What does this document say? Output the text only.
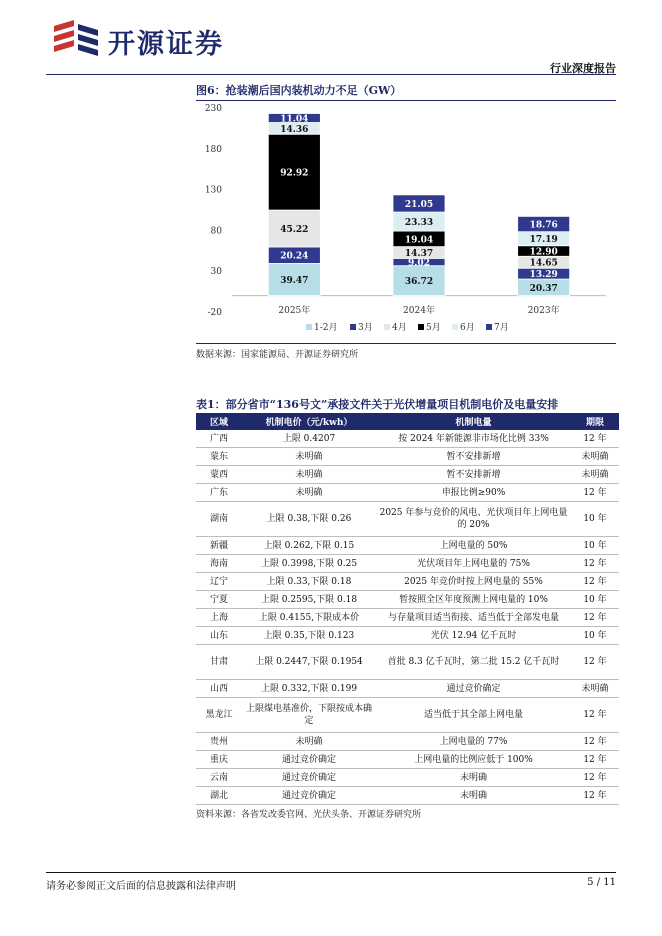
开源证券
行业深度报告
图6：抢装潮后国内装机动力不足（GW）
-20
30
80
130
180
230
39.47
20.24
45.22
92.92
14.36
11.04
2025年
36.72
9.02
14.37
19.04
23.33
21.05
2024年
20.37
13.29
14.65
12.90
17.19
18.76
2023年
1-2月 3月 4月 5月 6月 7月
数据来源：国家能源局、开源证券研究所
表1：部分省市“136号文”承接文件关于光伏增量项目机制电价及电量安排
区域	机制电价（元/kwh）	机制电量	期限
广西	上限 0.4207	按 2024 年新能源非市场化比例 33%	12 年
蒙东	未明确	暂不安排新增	未明确
蒙西	未明确	暂不安排新增	未明确
广东	未明确	申报比例≥90%	12 年
湖南	上限 0.38,下限 0.26	2025 年参与竞价的风电、光伏项目年上网电量的 20%	10 年
新疆	上限 0.262,下限 0.15	上网电量的 50%	10 年
海南	上限 0.3998,下限 0.25	光伏项目年上网电量的 75%	12 年
辽宁	上限 0.33,下限 0.18	2025 年竞价时按上网电量的 55%	12 年
宁夏	上限 0.2595,下限 0.18	暂按照全区年度预测上网电量的 10%	10 年
上海	上限 0.4155,下限成本价	与存量项目适当衔接、适当低于全部发电量	12 年
山东	上限 0.35,下限 0.123	光伏 12.94 亿千瓦时	10 年
甘肃	上限 0.2447,下限 0.1954	首批 8.3 亿千瓦时，第二批 15.2 亿千瓦时	12 年
山西	上限 0.332,下限 0.199	通过竞价确定	未明确
黑龙江	上限煤电基准价，下限按成本确定	适当低于其全部上网电量	12 年
贵州	未明确	上网电量的 77%	12 年
重庆	通过竞价确定	上网电量的比例应低于 100%	12 年
云南	通过竞价确定	未明确	12 年
湖北	通过竞价确定	未明确	12 年
资料来源：各省发改委官网、光伏头条、开源证券研究所
请务必参阅正文后面的信息披露和法律声明	5 / 11
